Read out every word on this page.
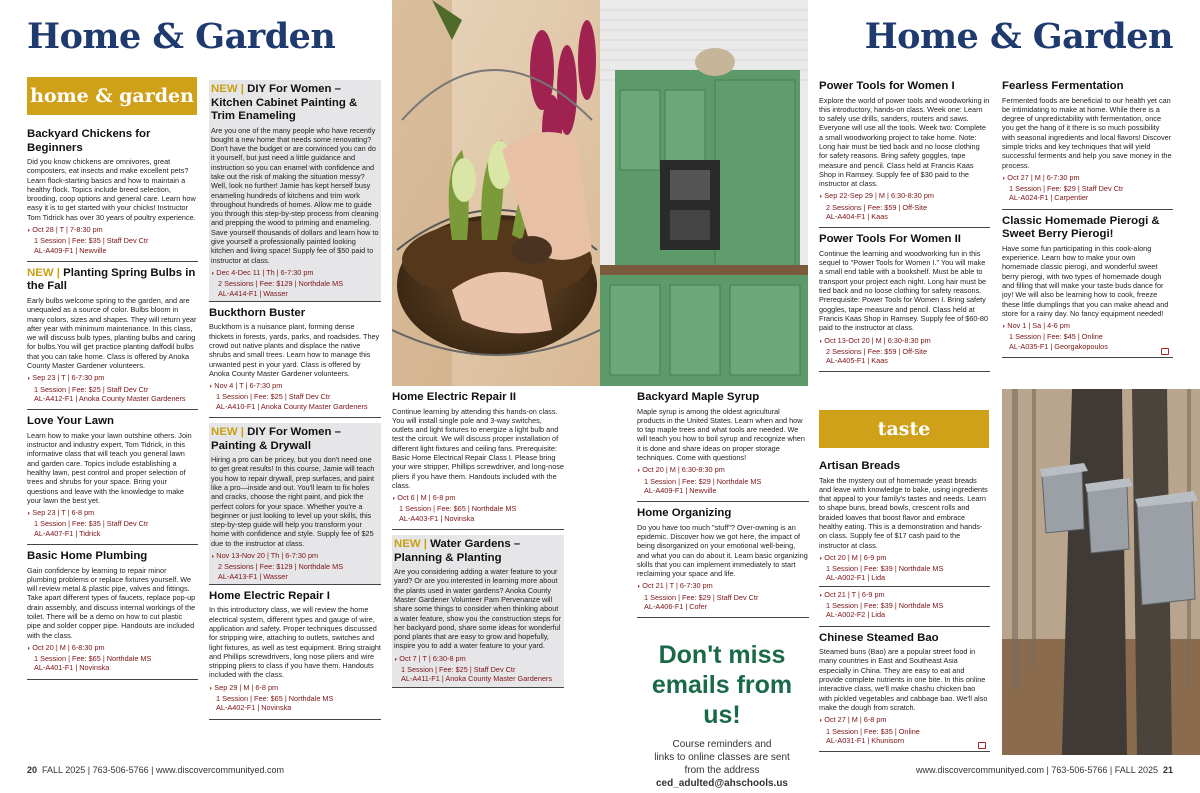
Home & Garden	Home & Garden
home & garden
Backyard Chickens for Beginners
Did you know chickens are omnivores, great composters, eat insects and make excellent pets? Learn flock-starting basics and how to maintain a healthy flock. Topics include breed selection, brooding, coop options and general care. Learn how easy it is to get started with your chicks! Instructor Tom Tidrick has over 30 years of poultry experience.
◗ Oct 28 | T | 7-8:30 pm
1 Session | Fee: $35 | Staff Dev Ctr
AL-A409-F1 | Newville
NEW | Planting Spring Bulbs in the Fall
Early bulbs welcome spring to the garden, and are unequaled as a source of color. Bulbs bloom in many colors, sizes and shapes. They will return year after year with minimum maintenance. In this class, we will discuss bulb types, planting bulbs and caring for bulbs.You will get practice planting daffodil bulbs that you can take home. Class is offered by Anoka County Master Gardener volunteers.
◗ Sep 23 | T | 6-7:30 pm
1 Session | Fee: $25 | Staff Dev Ctr
AL-A412-F1 | Anoka County Master Gardeners
Love Your Lawn
Learn how to make your lawn outshine others. Join instructor and industry expert, Tom Tidrick, in this informative class that will teach you general lawn and garden care. Topics include establishing a healthy lawn, pest control and proper selection of trees and shrubs for your space. Bring your questions and leave with the knowledge to make your lawn the best yet.
◗ Sep 23 | T | 6-8 pm
1 Session | Fee: $35 | Staff Dev Ctr
AL-A407-F1 | Tidrick
Basic Home Plumbing
Gain confidence by learning to repair minor plumbing problems or replace fixtures yourself. We will review metal & plastic pipe, valves and fittings. Take apart different types of faucets, replace pop-up drain assembly, and discuss internal workings of the toilet. There will be a demo on how to cut plastic pipe and solder copper pipe. Handouts are included with the class.
◗ Oct 20 | M | 6-8:30 pm
1 Session | Fee: $65 | Northdale MS
AL-A401-F1 | Novinska
NEW | DIY For Women – Kitchen Cabinet Painting & Trim Enameling
Are you one of the many people who have recently bought a new home that needs some renovating? Don't have the budget or are convinced you can do it yourself, but just need a little guidance and instruction so you can enamel with confidence and take out the risk of making the situation messy? Well, look no further! Jamie has kept herself busy enameling hundreds of kitchens and trim work throughout hundreds of homes. Allow me to guide you through this step-by-step process from cleaning and prepping the wood to priming and enameling. Save yourself thousands of dollars and learn how to give yourself a professionally painted looking kitchen and living space! Supply fee of $50 paid to instructor at class.
◗ Dec 4-Dec 11 | Th | 6-7:30 pm
2 Sessions | Fee: $129 | Northdale MS
AL-A414-F1 | Wasser
Buckthorn Buster
Buckthorn is a nuisance plant, forming dense thickets in forests, yards, parks, and roadsides. They crowd out native plants and displace the native shrubs and small trees. Learn how to manage this unwanted pest in your yard. Class is offered by Anoka County Master Gardener volunteers.
◗ Nov 4 | T | 6-7:30 pm
1 Session | Fee: $25 | Staff Dev Ctr
AL-A410-F1 | Anoka County Master Gardeners
NEW | DIY For Women – Painting & Drywall
Hiring a pro can be pricey, but you don't need one to get great results! In this course, Jamie will teach you how to repair drywall, prep surfaces, and paint like a pro—inside and out. You'll learn to fix holes and cracks, choose the right paint, and pick the perfect colors for your space. Whether you're a beginner or just looking to level up your skills, this step-by-step guide will help you transform your home with confidence and style. Supply fee of $25 due to the instructor at class.
◗ Nov 13-Nov 20 | Th | 6-7:30 pm
2 Sessions | Fee: $129 | Northdale MS
AL-A413-F1 | Wasser
Home Electric Repair I
In this introductory class, we will review the home electrical system, different types and gauge of wire, application and safety. Proper techniques discussed for stripping wire, attaching to outlets, switches and light fixtures, as well as test equipment. Bring straight and Phillips screwdrivers, long nose pliers and wire stripping pliers to class if you have them. Handouts included with the class.
◗ Sep 29 | M | 6-8 pm
1 Session | Fee: $65 | Northdale MS
AL-A402-F1 | Novinska
Home Electric Repair II
Continue learning by attending this hands-on class. You will install single pole and 3-way switches, outlets and light fixtures to energize a light bulb and test the circuit. We will discuss proper installation of different light fixtures and ceiling fans. Prerequisite: Basic Home Electrical Repair Class I. Please bring your wire stripper, Phillips screwdriver, and long-nose pliers if you have them. Handouts included with the class.
◗ Oct 6 | M | 6-8 pm
1 Session | Fee: $65 | Northdale MS
AL-A403-F1 | Novinska
NEW | Water Gardens – Planning & Planting
Are you considering adding a water feature to your yard? Or are you interested in learning more about the plants used in water gardens? Anoka County Master Gardener Volunteer Pam Pervenanze will share some things to consider when thinking about a water feature, show you the construction steps for her backyard pond, share some ideas for wonderful pond plants that are easy to grow and hopefully, inspire you to add a water feature to your yard.
◗ Oct 7 | T | 6:30-8 pm
1 Session | Fee: $25 | Staff Dev Ctr
AL-A411-F1 | Anoka County Master Gardeners
Backyard Maple Syrup
Maple syrup is among the oldest agricultural products in the United States. Learn when and how to tap maple trees and what tools are needed. We will teach you how to boil syrup and recognize when it is done and share ideas on proper storage techniques. Come with questions!
◗ Oct 20 | M | 6:30-8:30 pm
1 Session | Fee: $29 | Northdale MS
AL-A409-F1 | Newville
Home Organizing
Do you have too much "stuff"? Over-owning is an epidemic. Discover how we got here, the impact of being disorganized on your emotional well-being, and what you can do about it. Learn basic organizing skills that you can implement immediately to start reclaiming your space and life.
◗ Oct 21 | T | 6-7:30 pm
1 Session | Fee: $29 | Staff Dev Ctr
AL-A406-F1 | Cofer
Don't miss
emails from us!
Course reminders and
links to online classes are sent
from the address
ced_adulted@ahschools.us
Power Tools for Women I
Explore the world of power tools and woodworking in this introductory, hands-on class. Week one: Learn to safely use drills, sanders, routers and saws. Everyone will use all the tools. Week two: Complete a small woodworking project to take home. Note: Long hair must be tied back and no loose clothing for safety reasons. Bring safety goggles, tape measure and pencil. Class held at Francis Kaas Shop in Ramsey. Supply fee of $30 paid to the instructor at class.
◗ Sep 22-Sep 29 | M | 6:30-8:30 pm
2 Sessions | Fee: $59 | Off-Site
AL-A404-F1 | Kaas
Power Tools For Women II
Continue the learning and woodworking fun in this sequel to "Power Tools for Women I." You will make a small end table with a bookshelf. Must be able to transport your project each night. Long hair must be tied back and no loose clothing for safety reasons. Prerequisite: Power Tools for Women I. Bring safety goggles, tape measure and pencil. Class held at Francis Kaas Shop in Ramsey. Supply fee of $60-80 paid to the instructor at class.
◗ Oct 13-Oct 20 | M | 6:30-8:30 pm
2 Sessions | Fee: $59 | Off-Site
AL-A405-F1 | Kaas
taste
Artisan Breads
Take the mystery out of homemade yeast breads and leave with knowledge to bake, using ingredients that appeal to your family's tastes and needs. Learn to shape buns, bread bowls, crescent rolls and braided loaves that boost flavor and embrace healthy eating. This is a demonstration and hands-on class. Supply fee of $17 cash paid to the instructor at class.
◗ Oct 20 | M | 6-9 pm
1 Session | Fee: $39 | Northdale MS
AL-A002-F1 | Lida
◗ Oct 21 | T | 6-9 pm
1 Session | Fee: $39 | Northdale MS
AL-A002-F2 | Lida
Chinese Steamed Bao
Steamed buns (Bao) are a popular street food in many countries in East and Southeast Asia especially in China. They are easy to eat and provide complete nutrients in one bite. In this online interactive class, we'll make chashu chicken bao with pickled vegetables and cabbage bao. We'll also make the dough from scratch.
◗ Oct 27 | M | 6-8 pm
1 Session | Fee: $35 | Online
AL-A031-F1 | Khunisorn
Fearless Fermentation
Fermented foods are beneficial to our health yet can be intimidating to make at home. While there is a degree of unpredictability with fermentation, once you get the hang of it there is so much possibility with seasonal ingredients and local flavors! Discover simple tricks and key techniques that will yield successful ferments and help you save money in the process.
◗ Oct 27 | M | 6-7:30 pm
1 Session | Fee: $29 | Staff Dev Ctr
AL-A024-F1 | Carpentier
Classic Homemade Pierogi & Sweet Berry Pierogi!
Have some fun participating in this cook-along experience. Learn how to make your own homemade classic pierogi, and wonderful sweet berry pierogi, with two types of homemade dough and filling that will make your taste buds dance for joy! We will also be learning how to cook, freeze these little dumplings that you can make ahead and store for a rainy day. No fancy equipment needed!
◗ Nov 1 | Sa | 4-6 pm
1 Session | Fee: $45 | Online
AL-A035-F1 | Georgakopoulos
20 FALL 2025 | 763-506-5766 | www.discovercommunityed.com	www.discovercommunityed.com | 763-506-5766 | FALL 2025 21
